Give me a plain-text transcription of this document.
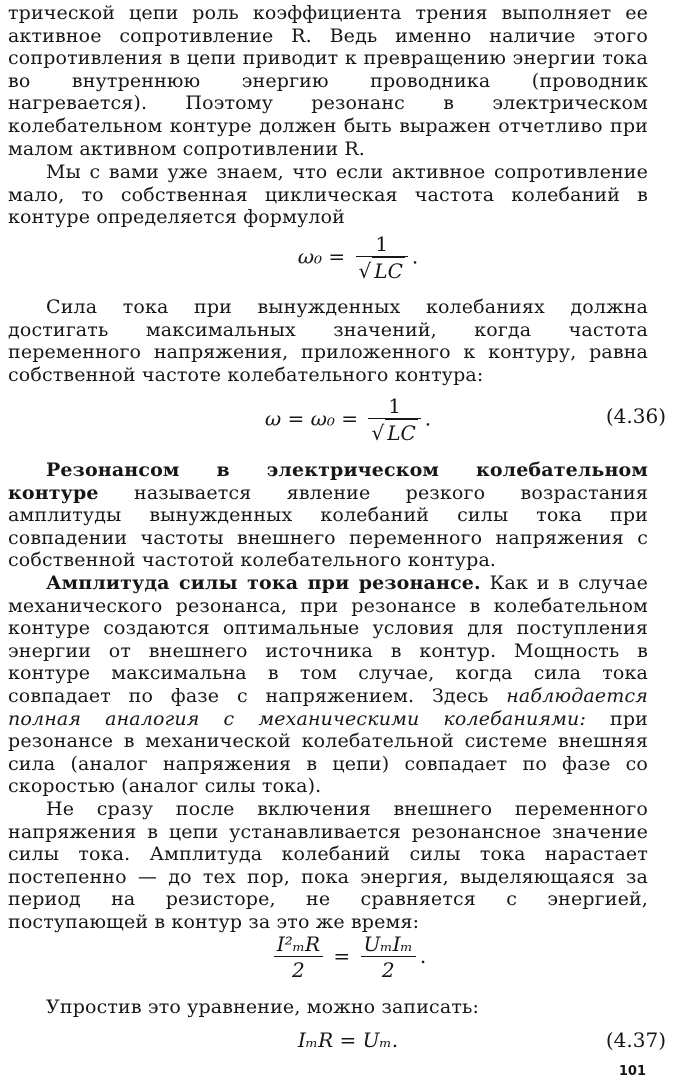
трической цепи роль коэффициента трения выполняет ее активное сопротивление R. Ведь именно наличие этого сопротивления в цепи приводит к превращению энергии тока во внутреннюю энергию проводника (проводник нагревается). Поэтому резонанс в электрическом колебательном контуре должен быть выражен отчетливо при малом активном сопротивлении R.

Мы с вами уже знаем, что если активное сопротивление мало, то собственная циклическая частота колебаний в контуре определяется формулой

$\omega_0 = \frac{1}{√ LC}$ .

Сила тока при вынужденных колебаниях должна достигать максимальных значений, когда частота переменного напряжения, приложенного к контуру, равна собственной частоте колебательного контура:

$\omega = \omega_0 = \frac{1}{√ LC}$ .	(4.36)

Резонансом в электрическом колебательном контуре называется явление резкого возрастания амплитуды вынужденных колебаний силы тока при совпадении частоты внешнего переменного напряжения с собственной частотой колебательного контура.

Амплитуда силы тока при резонансе. Как и в случае механического резонанса, при резонансе в колебательном контуре создаются оптимальные условия для поступления энергии от внешнего источника в контур. Мощность в контуре максимальна в том случае, когда сила тока совпадает по фазе с напряжением. Здесь наблюдается полная аналогия с механическими колебаниями: при резонансе в механической колебательной системе внешняя сила (аналог напряжения в цепи) совпадает по фазе со скоростью (аналог силы тока).

Не сразу после включения внешнего переменного напряжения в цепи устанавливается резонансное значение силы тока. Амплитуда колебаний силы тока нарастает постепенно — до тех пор, пока энергия, выделяющаяся за период на резисторе, не сравняется с энергией, поступающей в контур за это же время:

$\frac{\text{I²ₘR}}{2} = \frac{\text{UₘIₘ}}{2}$ .

Упростив это уравнение, можно записать:

IₘR = Uₘ.	(4.37)
101
